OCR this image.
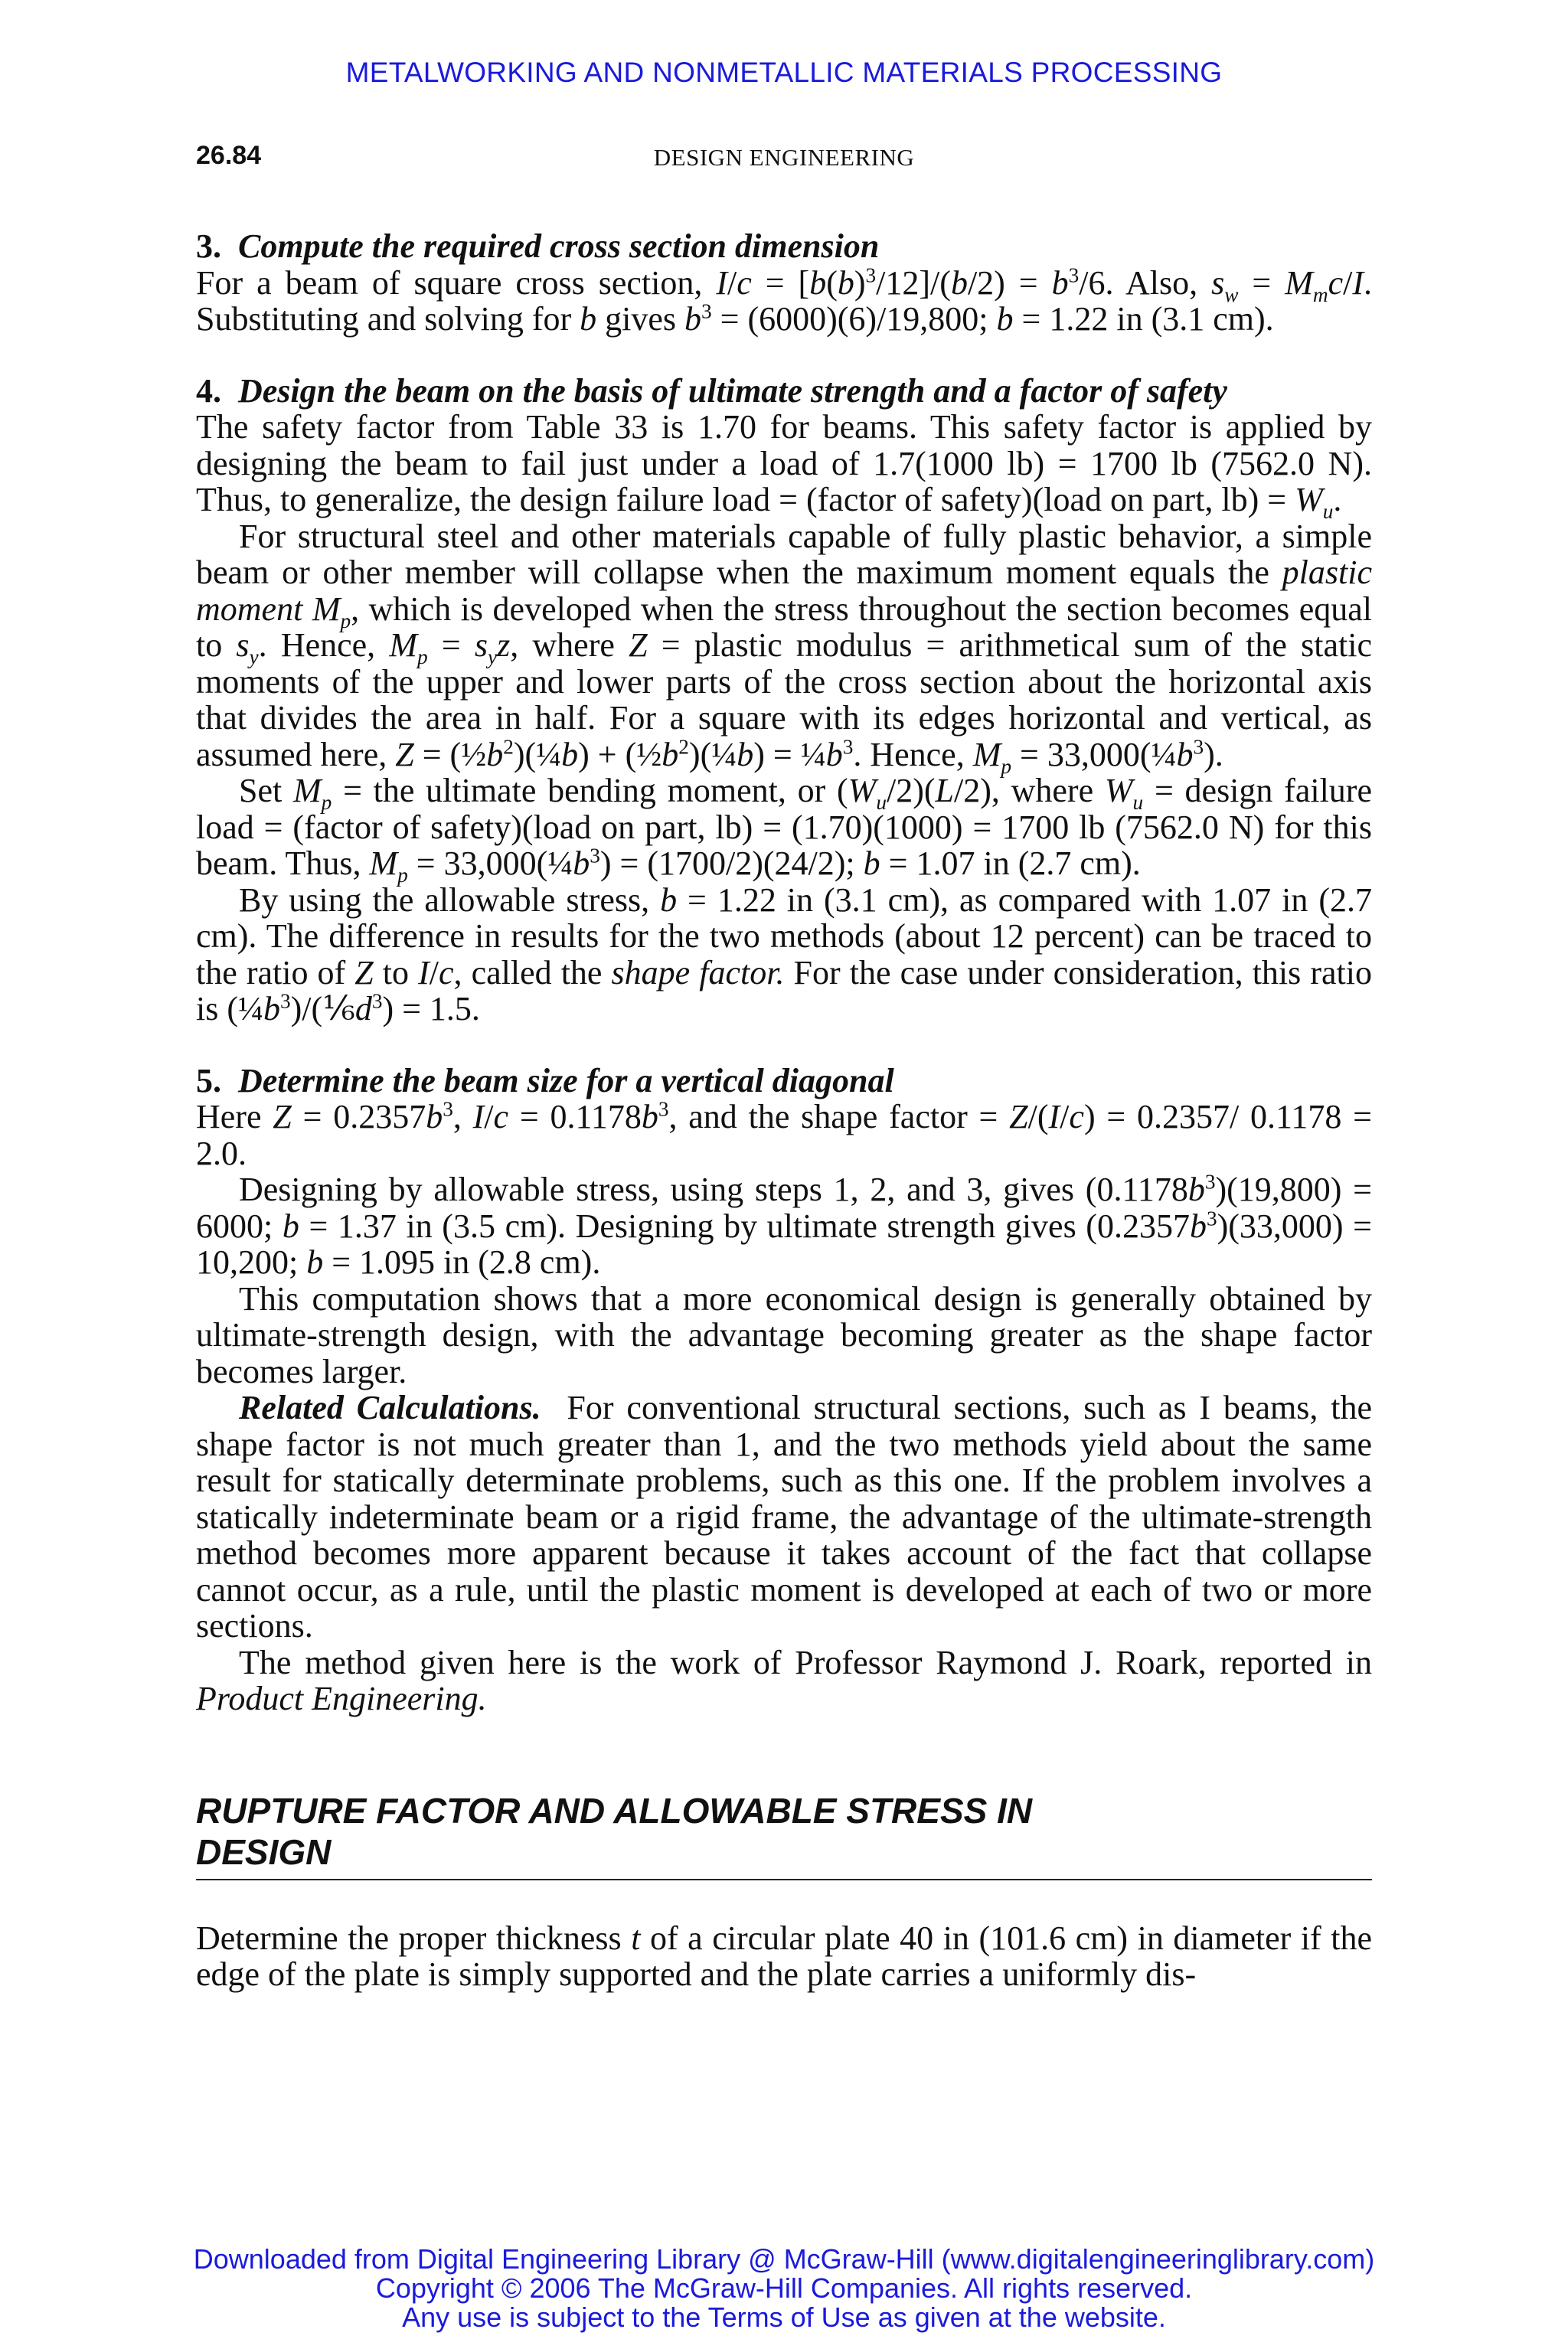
METALWORKING AND NONMETALLIC MATERIALS PROCESSING
26.84	DESIGN ENGINEERING

3. Compute the required cross section dimension

For a beam of square cross section, $I/c = [b(b)^3/12]/(b/2) = b^3/6$. Also, $s_w = M_mc/I$. Substituting and solving for b gives $b^3 = (6000)(6)/19,800$; b = 1.22 in (3.1 cm).

4. Design the beam on the basis of ultimate strength and a factor of safety

The safety factor from Table 33 is 1.70 for beams. This safety factor is applied by designing the beam to fail just under a load of 1.7(1000 lb) = 1700 lb (7562.0 N). Thus, to generalize, the design failure load = (factor of safety)(load on part, $lb) = W_u$.

For structural steel and other materials capable of fully plastic behavior, a simple beam or other member will collapse when the maximum moment equals the plastic moment $M_p$, which is developed when the stress throughout the section becomes equal to $s_y$. Hence, $M_p = s_yz$, where Z = plastic modulus = arithmetical sum of the static moments of the upper and lower parts of the cross section about the horizontal axis that divides the area in half. For a square with its edges horizontal and vertical, as assumed here, $Z = (\frac{1}{2}b^2)(\frac{1}{4}b)$ + $(\frac{1}{2}b^2)(\frac{1}{4}b)$ = $\frac{1}{4}b^3$. Hence, $M_p$ = $33,000(\frac{1}{4}b^3)$.

Set $M_p$ = the ultimate bending moment, or $(W_u/2)(L/2)$, where $W_u$ = design failure load = (factor of safety)(load on part, lb) = (1.70)(1000) = 1700 lb (7562.0 N) for this beam. Thus, $M_p$ = $33,000(\frac{1}{4}b^3) = (1700/2)(24/2)$; b = 1.07 in (2.7 cm).

By using the allowable stress, b = 1.22 in (3.1 cm), as compared with 1.07 in (2.7 cm). The difference in results for the two methods (about 12 percent) can be traced to the ratio of Z to I/c, called the shape factor. For the case under consideration, this ratio is $(\frac{1}{4}b^3)/(\frac{1}{6}d^3) = 1.5$.

5. Determine the beam size for a vertical diagonal

Here $Z = 0.2357b^3$, $I/c = 0.1178b^3$, and the shape factor = Z/(I/c) = 0.2357/ 0.1178 = 2.0.

Designing by allowable stress, using steps 1, 2, and 3, gives $(0.1178b^3)(19,800) = 6000$; b = 1.37 in (3.5 cm). Designing by ultimate strength gives $(0.2357b^3)(33,000) = 10,200$; b = 1.095 in (2.8 cm).

This computation shows that a more economical design is generally obtained by ultimate-strength design, with the advantage becoming greater as the shape factor becomes larger.

Related Calculations.  For conventional structural sections, such as I beams, the shape factor is not much greater than 1, and the two methods yield about the same result for statically determinate problems, such as this one. If the problem involves a statically indeterminate beam or a rigid frame, the advantage of the ultimate-strength method becomes more apparent because it takes account of the fact that collapse cannot occur, as a rule, until the plastic moment is developed at each of two or more sections.

The method given here is the work of Professor Raymond J. Roark, reported in Product Engineering.

RUPTURE FACTOR AND ALLOWABLE STRESS IN DESIGN

Determine the proper thickness t of a circular plate 40 in (101.6 cm) in diameter if the edge of the plate is simply supported and the plate carries a uniformly dis-

Downloaded from Digital Engineering Library @ McGraw-Hill (www.digitalengineeringlibrary.com)
Copyright © 2006 The McGraw-Hill Companies. All rights reserved.
Any use is subject to the Terms of Use as given at the website.
